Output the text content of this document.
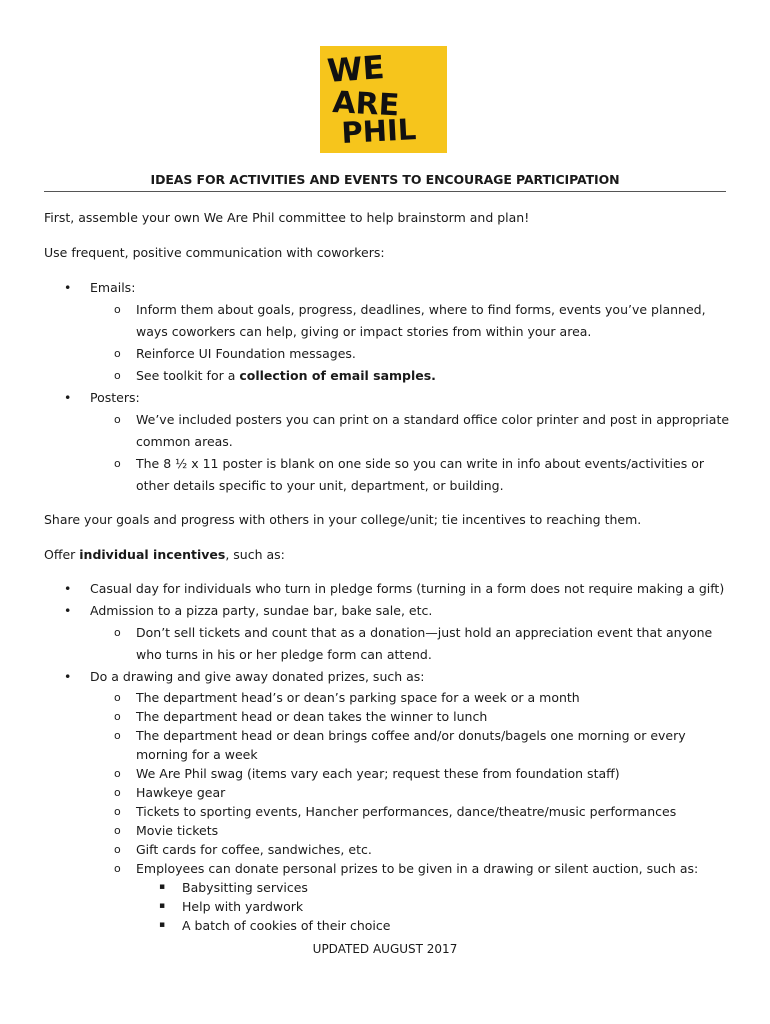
WE
ARE
PHIL
IDEAS FOR ACTIVITIES AND EVENTS TO ENCOURAGE PARTICIPATION

First, assemble your own We Are Phil committee to help brainstorm and plan!

Use frequent, positive communication with coworkers:

•	Emails:
o	Inform them about goals, progress, deadlines, where to find forms, events you’ve planned, ways coworkers can help, giving or impact stories from within your area.
o	Reinforce UI Foundation messages.
o	See toolkit for a collection of email samples.
•	Posters:
o	We’ve included posters you can print on a standard office color printer and post in appropriate common areas.
o	The 8 ½ x 11 poster is blank on one side so you can write in info about events/activities or other details specific to your unit, department, or building.

Share your goals and progress with others in your college/unit; tie incentives to reaching them.

Offer individual incentives, such as:

•	Casual day for individuals who turn in pledge forms (turning in a form does not require making a gift)
•	Admission to a pizza party, sundae bar, bake sale, etc.
o	Don’t sell tickets and count that as a donation—just hold an appreciation event that anyone who turns in his or her pledge form can attend.
•	Do a drawing and give away donated prizes, such as:
o	The department head’s or dean’s parking space for a week or a month
o	The department head or dean takes the winner to lunch
o	The department head or dean brings coffee and/or donuts/bagels one morning or every morning for a week
o	We Are Phil swag (items vary each year; request these from foundation staff)
o	Hawkeye gear
o	Tickets to sporting events, Hancher performances, dance/theatre/music performances
o	Movie tickets
o	Gift cards for coffee, sandwiches, etc.
o	Employees can donate personal prizes to be given in a drawing or silent auction, such as:
▪ Babysitting services
▪ Help with yardwork
▪ A batch of cookies of their choice
UPDATED AUGUST 2017
